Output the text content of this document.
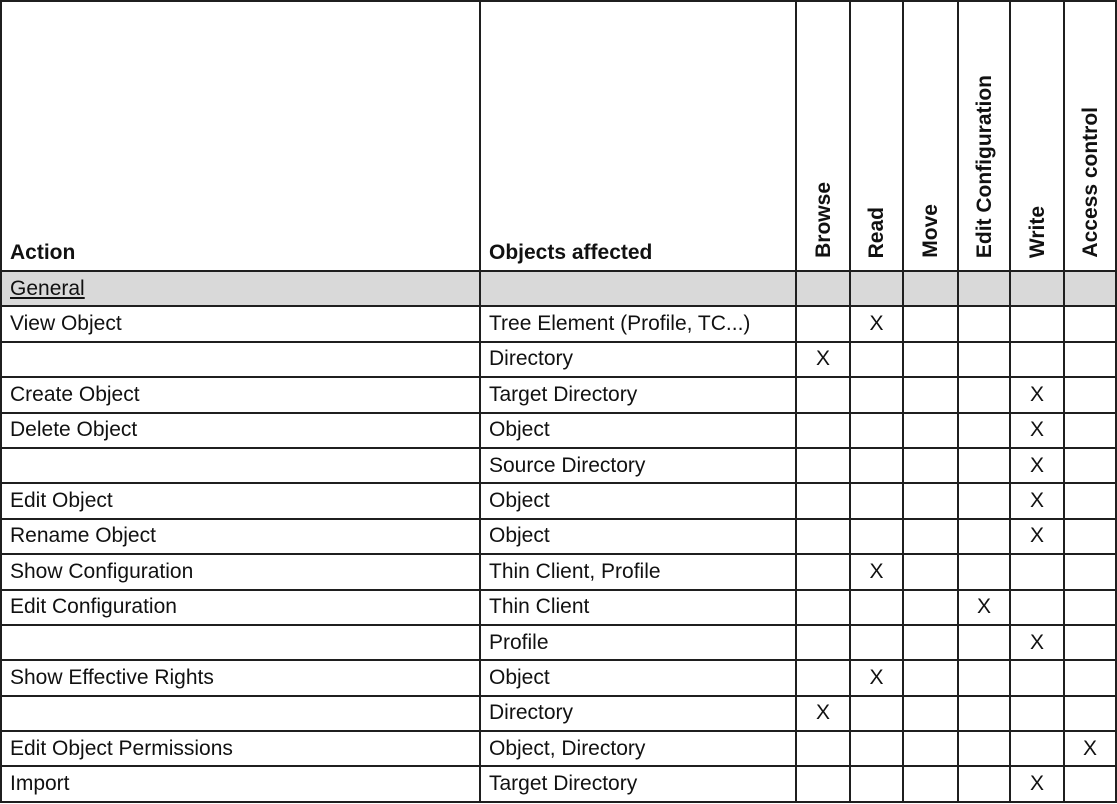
Action	Objects affected	Browse	Read	Move	Edit Configuration	Write	Access control
General							
View Object	Tree Element (Profile, TC...)		X				
	Directory	X					
Create Object	Target Directory					X	
Delete Object	Object					X	
	Source Directory					X	
Edit Object	Object					X	
Rename Object	Object					X	
Show Configuration	Thin Client, Profile		X				
Edit Configuration	Thin Client				X		
	Profile					X	
Show Effective Rights	Object		X				
	Directory	X					
Edit Object Permissions	Object, Directory						X
Import	Target Directory					X	
